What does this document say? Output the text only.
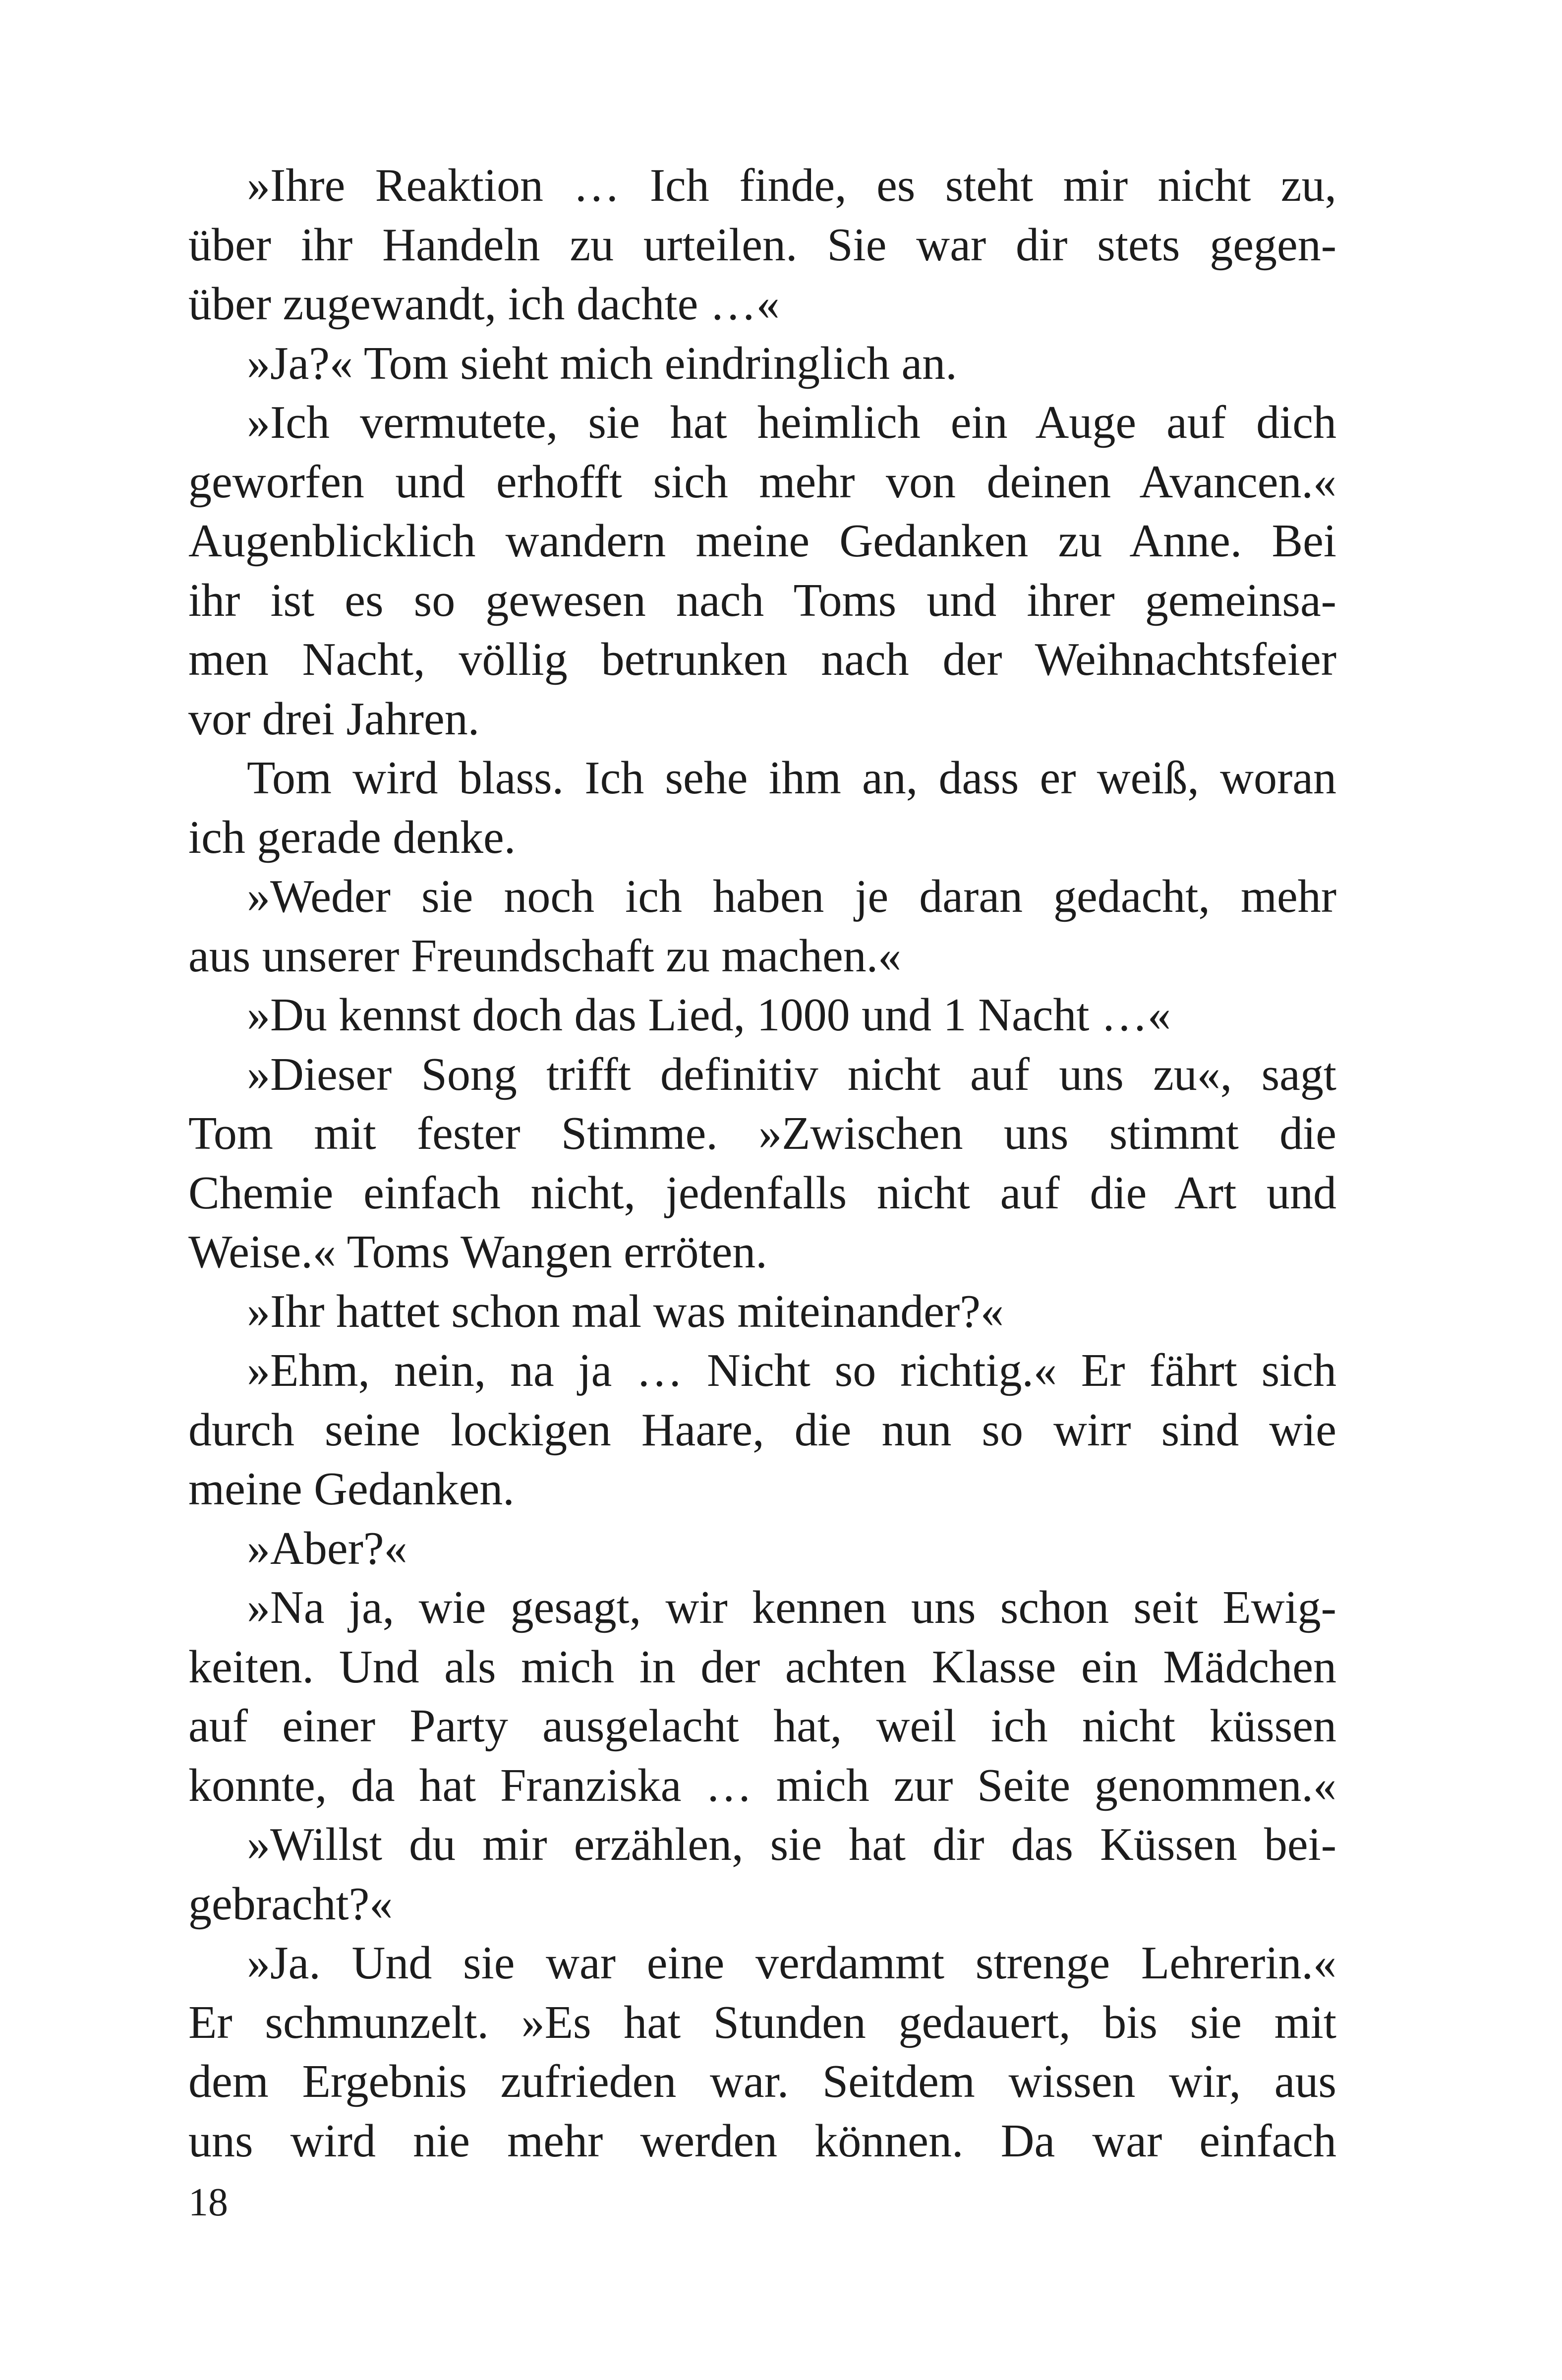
»Ihre Reaktion … Ich finde, es steht mir nicht zu,
über ihr Handeln zu urteilen. Sie war dir stets gegen-
über zugewandt, ich dachte …«
»Ja?« Tom sieht mich eindringlich an.
»Ich vermutete, sie hat heimlich ein Auge auf dich
geworfen und erhofft sich mehr von deinen Avancen.«
Augenblicklich wandern meine Gedanken zu Anne. Bei
ihr ist es so gewesen nach Toms und ihrer gemeinsa-
men Nacht, völlig betrunken nach der Weihnachtsfeier
vor drei Jahren.
Tom wird blass. Ich sehe ihm an, dass er weiß, woran
ich gerade denke.
»Weder sie noch ich haben je daran gedacht, mehr
aus unserer Freundschaft zu machen.«
»Du kennst doch das Lied, 1000 und 1 Nacht …«
»Dieser Song trifft definitiv nicht auf uns zu«, sagt
Tom mit fester Stimme. »Zwischen uns stimmt die
Chemie einfach nicht, jedenfalls nicht auf die Art und
Weise.« Toms Wangen erröten.
»Ihr hattet schon mal was miteinander?«
»Ehm, nein, na ja … Nicht so richtig.« Er fährt sich
durch seine lockigen Haare, die nun so wirr sind wie
meine Gedanken.
»Aber?«
»Na ja, wie gesagt, wir kennen uns schon seit Ewig-
keiten. Und als mich in der achten Klasse ein Mädchen
auf einer Party ausgelacht hat, weil ich nicht küssen
konnte, da hat Franziska … mich zur Seite genommen.«
»Willst du mir erzählen, sie hat dir das Küssen bei-
gebracht?«
»Ja. Und sie war eine verdammt strenge Lehrerin.«
Er schmunzelt. »Es hat Stunden gedauert, bis sie mit
dem Ergebnis zufrieden war. Seitdem wissen wir, aus
uns wird nie mehr werden können. Da war einfach
18
